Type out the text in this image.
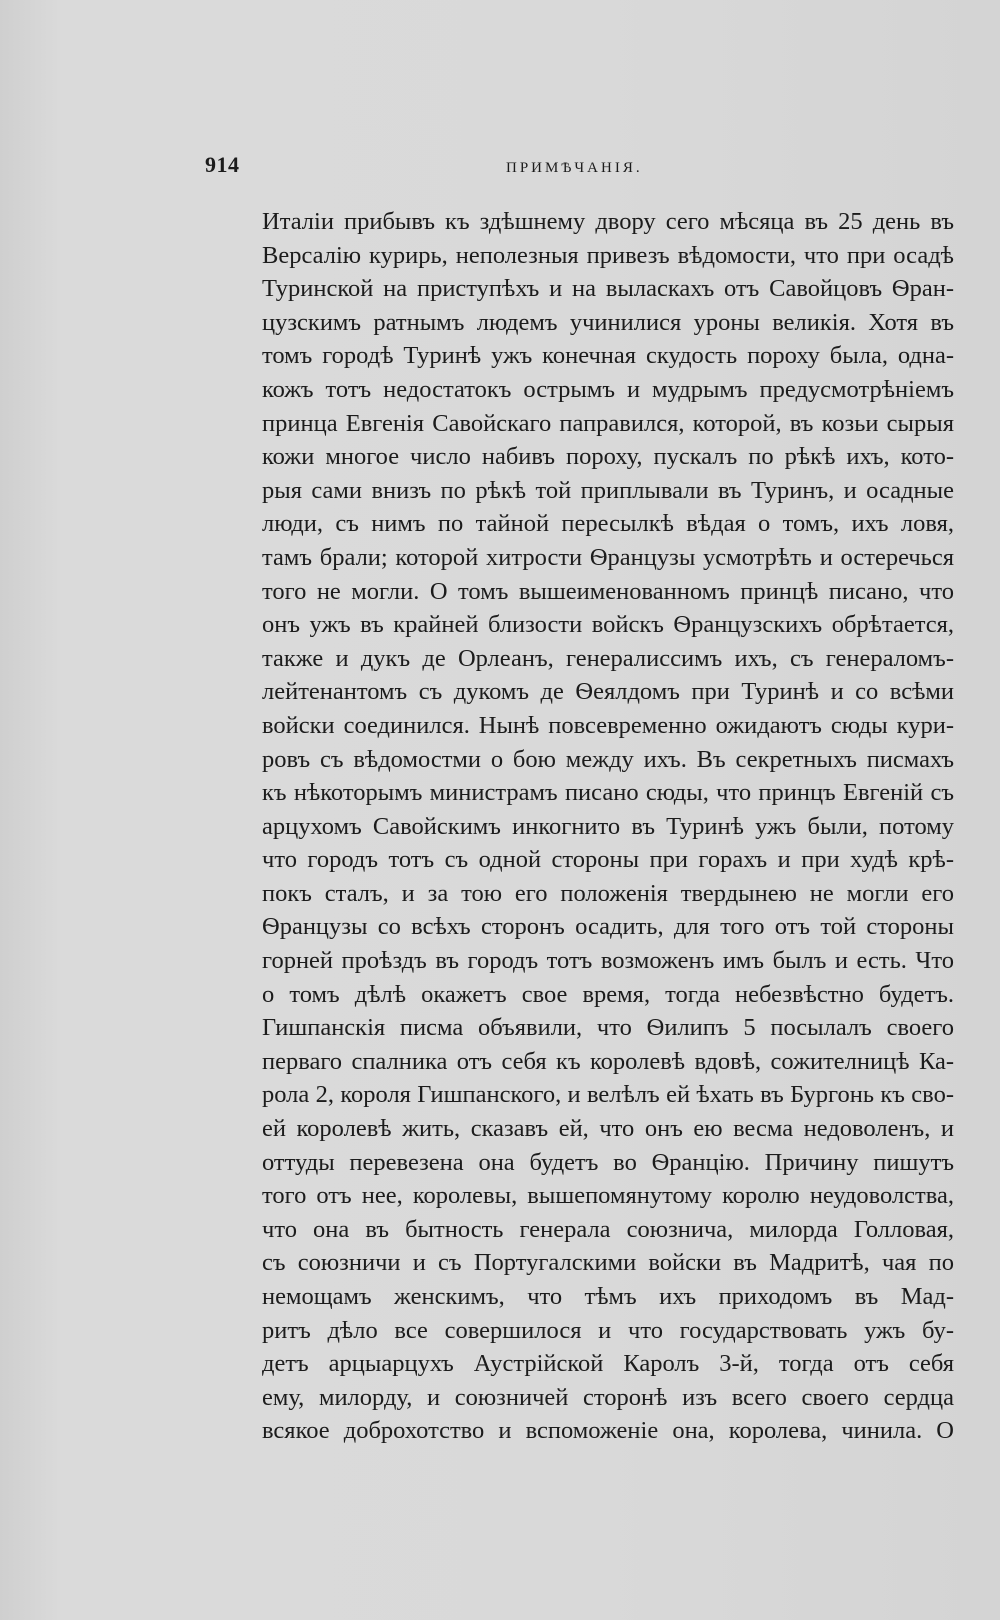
914	ПРИМѢЧАНІЯ.
Италіи прибывъ къ здѣшнему двору сего мѣсяца въ 25 день въ
Версалію курирь, неполезныя привезъ вѣдомости, что при осадѣ
Туринской на приступѣхъ и на выласкахъ отъ Савойцовъ Ѳран-
цузскимъ ратнымъ людемъ учинилися уроны великія. Хотя въ
томъ городѣ Туринѣ ужъ конечная скудость пороху была, одна-
кожъ тотъ недостатокъ острымъ и мудрымъ предусмотрѣніемъ
принца Евгенія Савойскаго паправился, которой, въ козьи сырыя
кожи многое число набивъ пороху, пускалъ по рѣкѣ ихъ, кото-
рыя сами внизъ по рѣкѣ той приплывали въ Туринъ, и осадные
люди, съ нимъ по тайной пересылкѣ вѣдая о томъ, ихъ ловя,
тамъ брали; которой хитрости Ѳранцузы усмотрѣть и остеречься
того не могли. О томъ вышеименованномъ принцѣ писано, что
онъ ужъ въ крайней близости войскъ Ѳранцузскихъ обрѣтается,
также и дукъ де Орлеанъ, генералиссимъ ихъ, съ генераломъ-
лейтенантомъ съ дукомъ де Ѳеялдомъ при Туринѣ и со всѣми
войски соединился. Нынѣ повсевременно ожидаютъ сюды кури-
ровъ съ вѣдомостми о бою между ихъ. Въ секретныхъ писмахъ
къ нѣкоторымъ министрамъ писано сюды, что принцъ Евгеній съ
арцухомъ Савойскимъ инкогнито въ Туринѣ ужъ были, потому
что городъ тотъ съ одной стороны при горахъ и при худѣ крѣ-
покъ сталъ, и за тою его положенія твердынею не могли его
Ѳранцузы со всѣхъ сторонъ осадить, для того отъ той стороны
горней проѣздъ въ городъ тотъ возможенъ имъ былъ и есть. Что
о томъ дѣлѣ окажетъ свое время, тогда небезвѣстно будетъ.
Гишпанскія писма объявили, что Ѳилипъ 5 посылалъ своего
перваго спалника отъ себя къ королевѣ вдовѣ, сожителницѣ Ка-
рола 2, короля Гишпанского, и велѣлъ ей ѣхать въ Бургонь къ сво-
ей королевѣ жить, сказавъ ей, что онъ ею весма недоволенъ, и
оттуды перевезена она будетъ во Ѳранцію. Причину пишутъ
того отъ нее, королевы, вышепомянутому королю неудоволства,
что она въ бытность генерала союзнича, милорда Голловая,
съ союзничи и съ Португалскими войски въ Мадритѣ, чая по
немощамъ женскимъ, что тѣмъ ихъ приходомъ въ Мад-
ритъ дѣло все совершилося и что государствовать ужъ бу-
детъ арцыарцухъ Аустрійской Каролъ 3-й, тогда отъ себя
ему, милорду, и союзничей сторонѣ изъ всего своего сердца
всякое доброхотство и вспоможеніе она, королева, чинила. О
